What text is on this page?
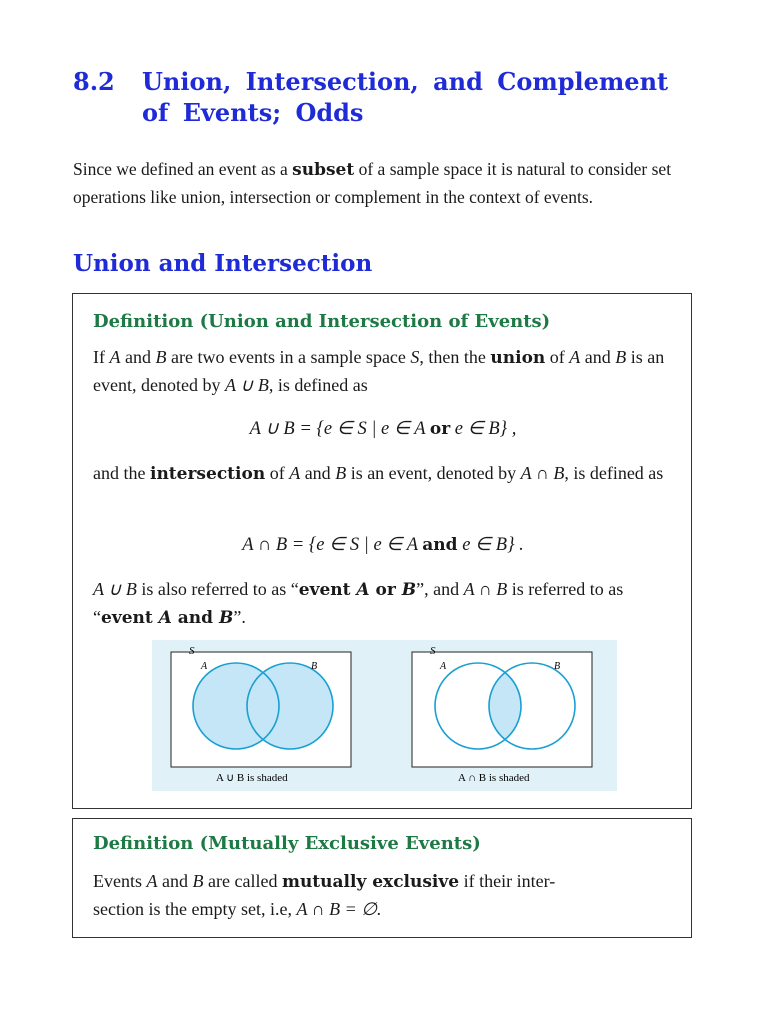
8.2 Union, Intersection, and Complement of Events; Odds
Since we defined an event as a subset of a sample space it is natural to consider set operations like union, intersection or complement in the context of events.
Union and Intersection
Definition (Union and Intersection of Events)
If A and B are two events in a sample space S, then the union of A and B is an event, denoted by A ∪ B, is defined as
A ∪ B = {e ∈ S | e ∈ A or e ∈ B} ,
and the intersection of A and B is an event, denoted by A ∩ B, is defined as
A ∩ B = {e ∈ S | e ∈ A and e ∈ B} .
A ∪ B is also referred to as “event A or B”, and A ∩ B is referred to as “event A and B”.
S
A	B
A ∪ B is shaded
S
A	B
A ∩ B is shaded
Definition (Mutually Exclusive Events)
Events A and B are called mutually exclusive if their inter-
section is the empty set, i.e, A ∩ B = ∅.
